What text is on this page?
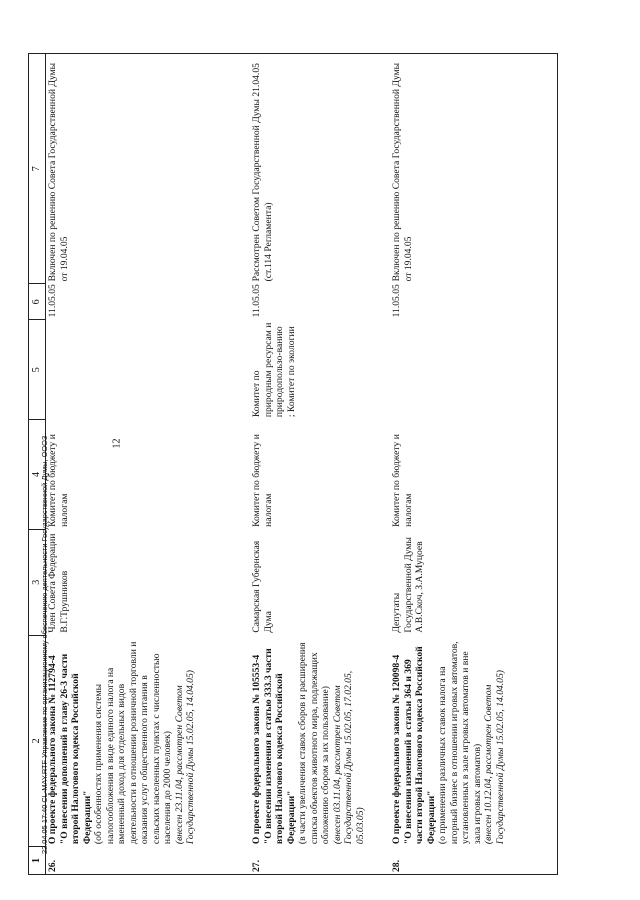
12
1
2
3
4
5
6
7
26.
О проекте федерального закона № 112794-4 "О внесении дополнений в главу 26-3 части второй Налогового кодекса Российской Федерации" (об особенностях применения системы налогообложения в виде единого налога на вмененный доход для отдельных видов деятельности в отношении розничной торговли и оказания услуг общественного питания в сельских населенных пунктах с численностью населения до 2000 человек) (внесен 23.11.04, рассмотрен Советом Государственной Думы 15.02.05, 14.04.05)
Член Совета Федерации В.Г.Трушников
Комитет по бюджету и налогам
11.05.05
Включен по решению Совета Государственной Думы от 19.04.05
27.
О проекте федерального закона № 105553-4 "О внесении изменения в статью 333.3 части второй Налогового кодекса Российской Федерации" (в части увеличения ставок сборов и расширения списка объектов животного мира, подлежащих обложению сбором за их пользование) (внесен 03.11.04, рассмотрен Советом Государственной Думы 15.02.05, 17.02.05, 05.03.05)
Самарская Губернская Дума
Комитет по бюджету и налогам
Комитет по природным ресурсам и природопользо-ванию ; Комитет по экологии
11.05.05
Рассмотрен Советом Государственной Думы 21.04.05 (ст.114 Регламента)
28.
О проекте федерального закона № 120098-4 "О внесении изменений в статьи 364 и 369 части второй Налогового кодекса Российской Федерации" (о применении различных ставок налога на игорный бизнес в отношении игровых автоматов, установленных в зале игровых автоматов и вне зала игровых автоматов) (внесен 10.12.04, рассмотрен Советом Государственной Думы 15.02.05, 14.04.05)
Депутаты Государственной Думы А.В.Скоч, З.А.Муцоев
Комитет по бюджету и налогам
11.05.05
Включен по решению Совета Государственной Думы от 19.04.05
22.04.05 17:40 CL-MAY.RTF Управление по организационному обеспечению деятельности Государственной Думы, ОООЗ
